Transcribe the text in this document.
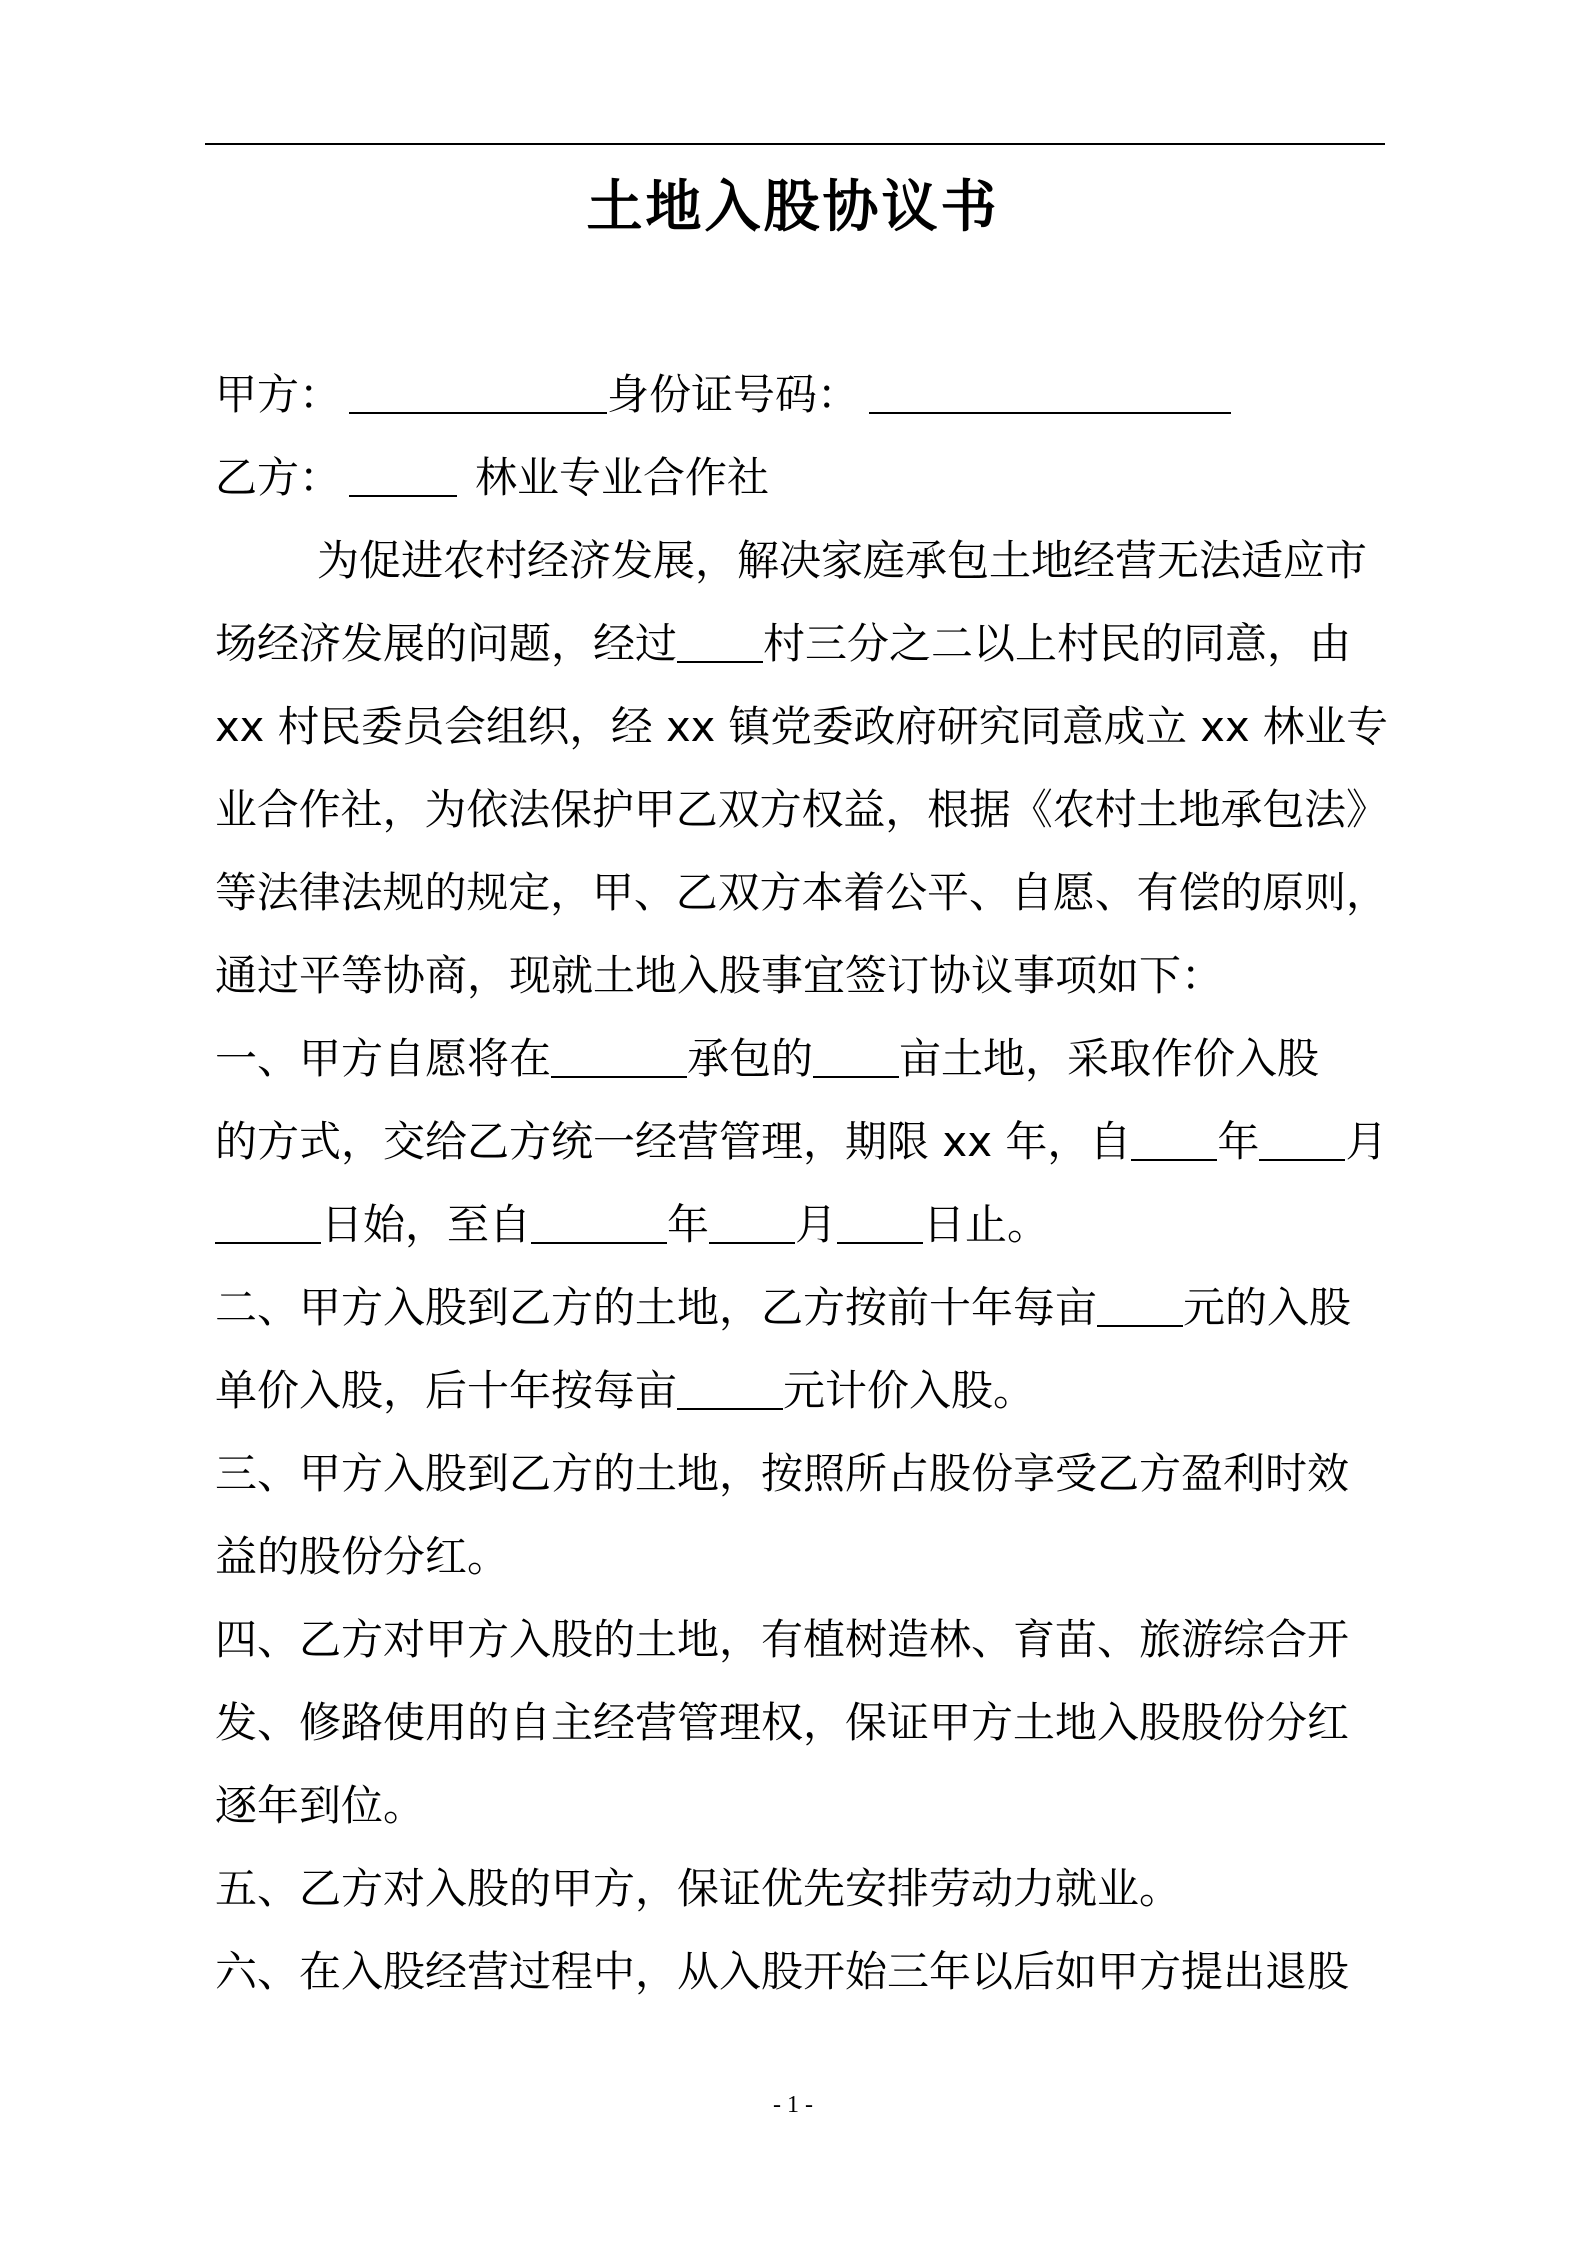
土地入股协议书
甲方：	身份证号码：
乙方：	林业专业合作社
为促进农村经济发展，解决家庭承包土地经营无法适应市
场经济发展的问题，经过 村三分之二以上村民的同意，由
xx 村民委员会组织，经 xx 镇党委政府研究同意成立 xx 林业专
业合作社，为依法保护甲乙双方权益，根据《农村土地承包法》
等法律法规的规定，甲、乙双方本着公平、自愿、有偿的原则，
通过平等协商，现就土地入股事宜签订协议事项如下：
一、甲方自愿将在	承包的 亩土地，采取作价入股
的方式，交给乙方统一经营管理，期限 xx 年，自 年 月
日始，至自	年 月 日止。
二、甲方入股到乙方的土地，乙方按前十年每亩 元的入股
单价入股，后十年按每亩	元计价入股。
三、甲方入股到乙方的土地，按照所占股份享受乙方盈利时效
益的股份分红。
四、乙方对甲方入股的土地，有植树造林、育苗、旅游综合开
发、修路使用的自主经营管理权，保证甲方土地入股股份分红
逐年到位。
五、乙方对入股的甲方，保证优先安排劳动力就业。
六、在入股经营过程中，从入股开始三年以后如甲方提出退股
- 1 -
